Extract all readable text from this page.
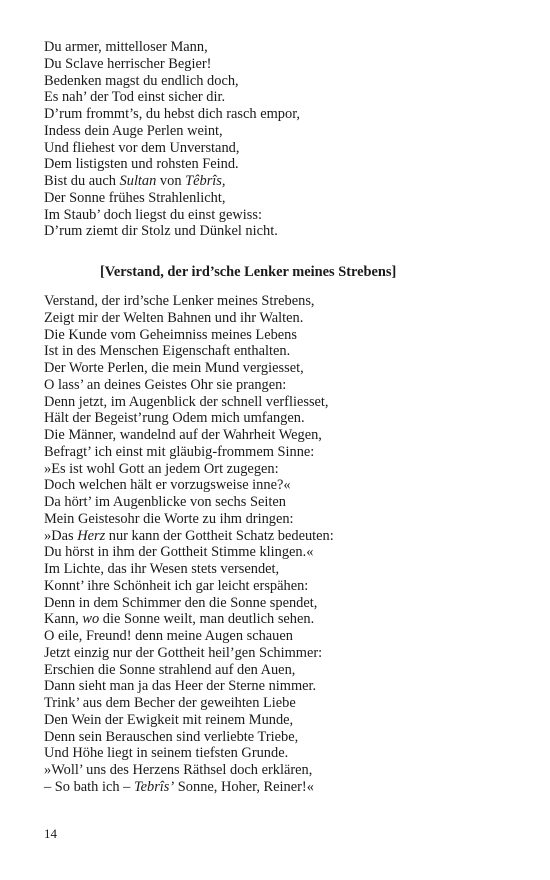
Du armer, mittelloser Mann,
Du Sclave herrischer Begier!
Bedenken magst du endlich doch,
Es nah’ der Tod einst sicher dir.
D’rum frommt’s, du hebst dich rasch empor,
Indess dein Auge Perlen weint,
Und fliehest vor dem Unverstand,
Dem listigsten und rohsten Feind.
Bist du auch Sultan von Têbrîs,
Der Sonne frühes Strahlenlicht,
Im Staub’ doch liegst du einst gewiss:
D’rum ziemt dir Stolz und Dünkel nicht.
[Verstand, der ird’sche Lenker meines Strebens]
Verstand, der ird’sche Lenker meines Strebens,
Zeigt mir der Welten Bahnen und ihr Walten.
Die Kunde vom Geheimniss meines Lebens
Ist in des Menschen Eigenschaft enthalten.
Der Worte Perlen, die mein Mund vergiesset,
O lass’ an deines Geistes Ohr sie prangen:
Denn jetzt, im Augenblick der schnell verfliesset,
Hält der Begeist’rung Odem mich umfangen.
Die Männer, wandelnd auf der Wahrheit Wegen,
Befragt’ ich einst mit gläubig-frommem Sinne:
»Es ist wohl Gott an jedem Ort zugegen:
Doch welchen hält er vorzugsweise inne?«
Da hört’ im Augenblicke von sechs Seiten
Mein Geistesohr die Worte zu ihm dringen:
»Das Herz nur kann der Gottheit Schatz bedeuten:
Du hörst in ihm der Gottheit Stimme klingen.«
Im Lichte, das ihr Wesen stets versendet,
Konnt’ ihre Schönheit ich gar leicht erspähen:
Denn in dem Schimmer den die Sonne spendet,
Kann, wo die Sonne weilt, man deutlich sehen.
O eile, Freund! denn meine Augen schauen
Jetzt einzig nur der Gottheit heil’gen Schimmer:
Erschien die Sonne strahlend auf den Auen,
Dann sieht man ja das Heer der Sterne nimmer.
Trink’ aus dem Becher der geweihten Liebe
Den Wein der Ewigkeit mit reinem Munde,
Denn sein Berauschen sind verliebte Triebe,
Und Höhe liegt in seinem tiefsten Grunde.
»Woll’ uns des Herzens Räthsel doch erklären,
– So bath ich – Tebrîs’ Sonne, Hoher, Reiner!«
14
